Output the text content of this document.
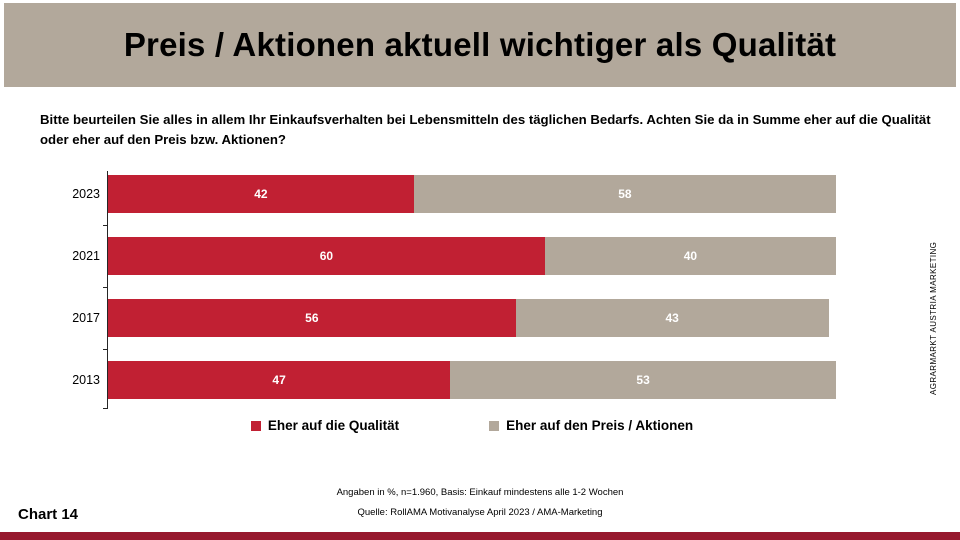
Preis / Aktionen aktuell wichtiger als Qualität

Bitte beurteilen Sie alles in allem Ihr Einkaufsverhalten bei Lebensmitteln des täglichen Bedarfs. Achten Sie da in Summe eher auf die Qualität oder eher auf den Preis bzw. Aktionen?

2023	42	58
2021	60	40
2017	56	43
2013	47	53
Eher auf die Qualität	Eher auf den Preis / Aktionen

Angaben in %, n=1.960, Basis: Einkauf mindestens alle 1-2 Wochen

Quelle: RollAMA Motivanalyse April 2023 / AMA-Marketing

Chart 14
AGRARMARKT AUSTRIA MARKETING
